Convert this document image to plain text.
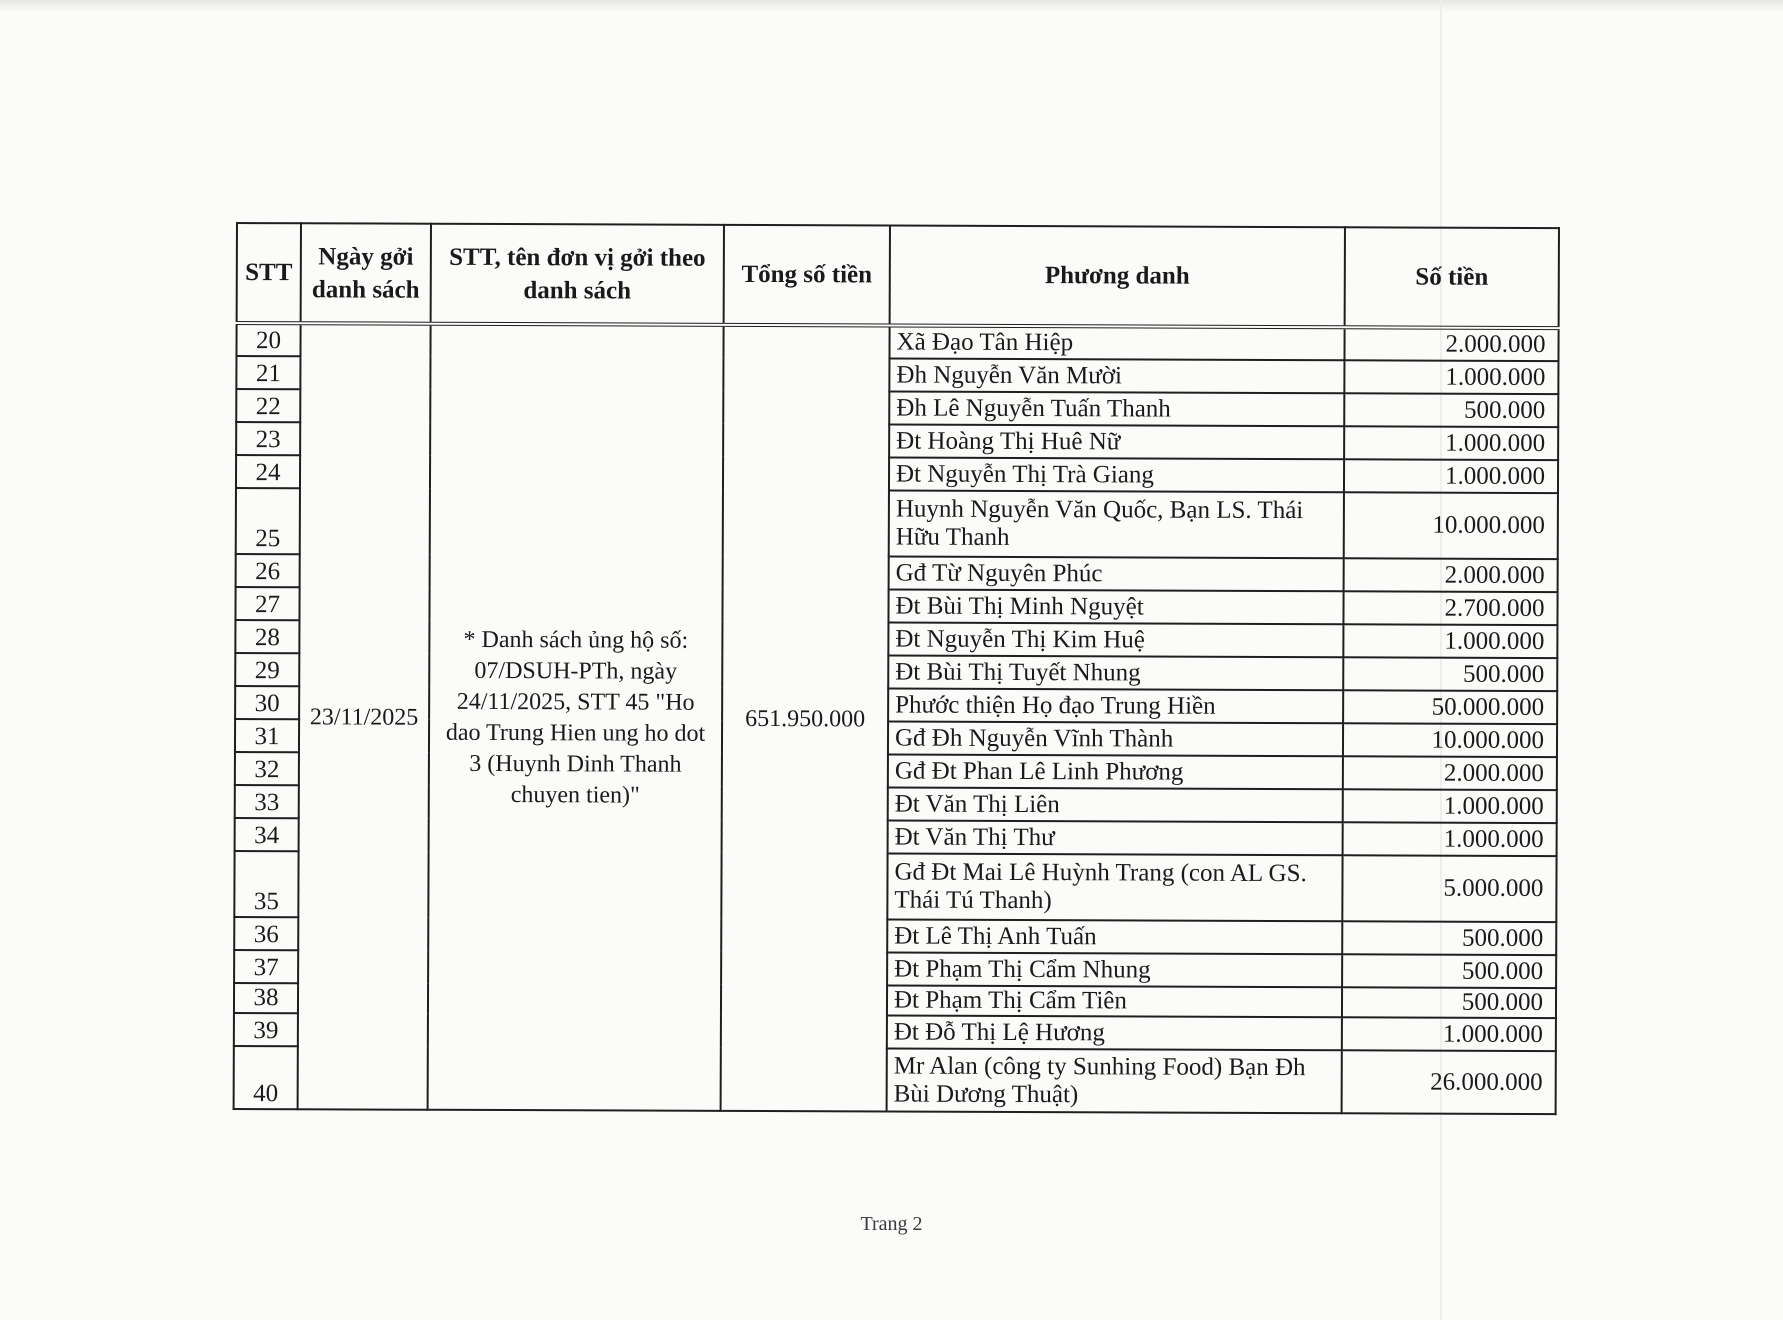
STT	Ngày gởi danh sách	STT, tên đơn vị gởi theo danh sách	Tổng số tiền	Phương danh	Số tiền
20	23/11/2025	* Danh sách ủng hộ số: 07/DSUH-PTh, ngày 24/11/2025, STT 45 "Ho dao Trung Hien ung ho dot 3 (Huynh Dinh Thanh chuyen tien)"	651.950.000	Xã Đạo Tân Hiệp	2.000.000
21				Đh Nguyễn Văn Mười	1.000.000
22				Đh Lê Nguyễn Tuấn Thanh	500.000
23				Đt Hoàng Thị Huê Nữ	1.000.000
24				Đt Nguyễn Thị Trà Giang	1.000.000
25				Huynh Nguyễn Văn Quốc, Bạn LS. Thái Hữu Thanh	10.000.000
26				Gđ Từ Nguyên Phúc	2.000.000
27				Đt Bùi Thị Minh Nguyệt	2.700.000
28				Đt Nguyễn Thị Kim Huệ	1.000.000
29				Đt Bùi Thị Tuyết Nhung	500.000
30				Phước thiện Họ đạo Trung Hiền	50.000.000
31				Gđ Đh Nguyễn Vĩnh Thành	10.000.000
32				Gđ Đt Phan Lê Linh Phương	2.000.000
33				Đt Văn Thị Liên	1.000.000
34				Đt Văn Thị Thư	1.000.000
35				Gđ Đt Mai Lê Huỳnh Trang (con AL GS. Thái Tú Thanh)	5.000.000
36				Đt Lê Thị Anh Tuấn	500.000
37				Đt Phạm Thị Cẩm Nhung	500.000
38				Đt Phạm Thị Cẩm Tiên	500.000
39				Đt Đỗ Thị Lệ Hương	1.000.000
40				Mr Alan (công ty Sunhing Food) Bạn Đh Bùi Dương Thuật)	26.000.000
Trang 2
